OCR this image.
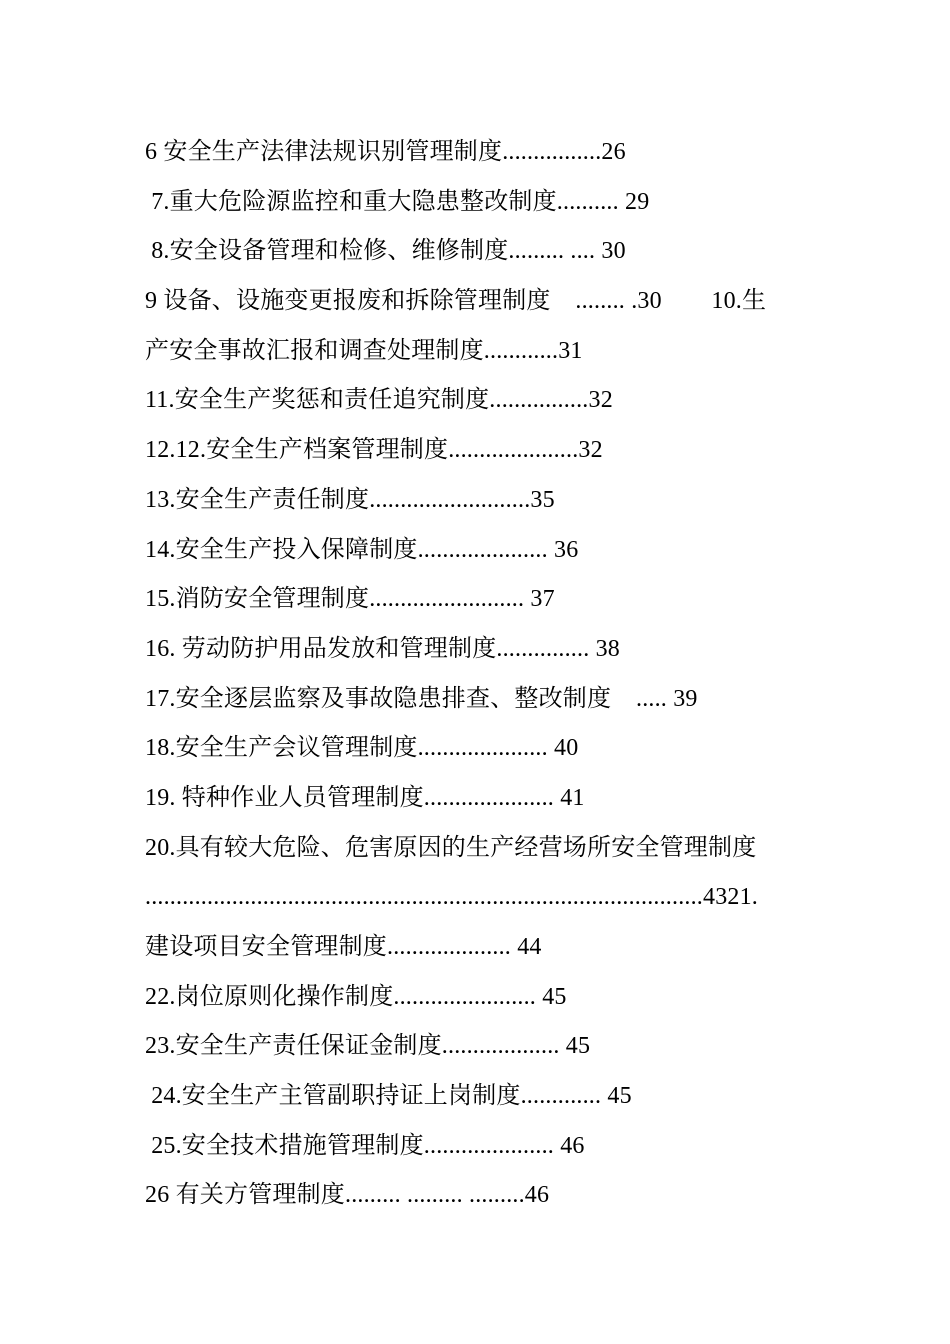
6 安全生产法律法规识别管理制度................26
7.重大危险源监控和重大隐患整改制度.......... 29
8.安全设备管理和检修、维修制度......... .... 30
9 设备、设施变更报废和拆除管理制度    ........ .30        10.生
产安全事故汇报和调查处理制度............31
11.安全生产奖惩和责任追究制度................32
12.12.安全生产档案管理制度.....................32
13.安全生产责任制度..........................35
14.安全生产投入保障制度..................... 36
15.消防安全管理制度......................... 37
16. 劳动防护用品发放和管理制度............... 38
17.安全逐层监察及事故隐患排查、整改制度    ..... 39
18.安全生产会议管理制度..................... 40
19. 特种作业人员管理制度..................... 41
20.具有较大危险、危害原因的生产经营场所安全管理制度
..........................................................................................4321.
建设项目安全管理制度.................... 44
22.岗位原则化操作制度....................... 45
23.安全生产责任保证金制度................... 45
24.安全生产主管副职持证上岗制度............. 45
25.安全技术措施管理制度..................... 46
26 有关方管理制度......... ......... .........46
